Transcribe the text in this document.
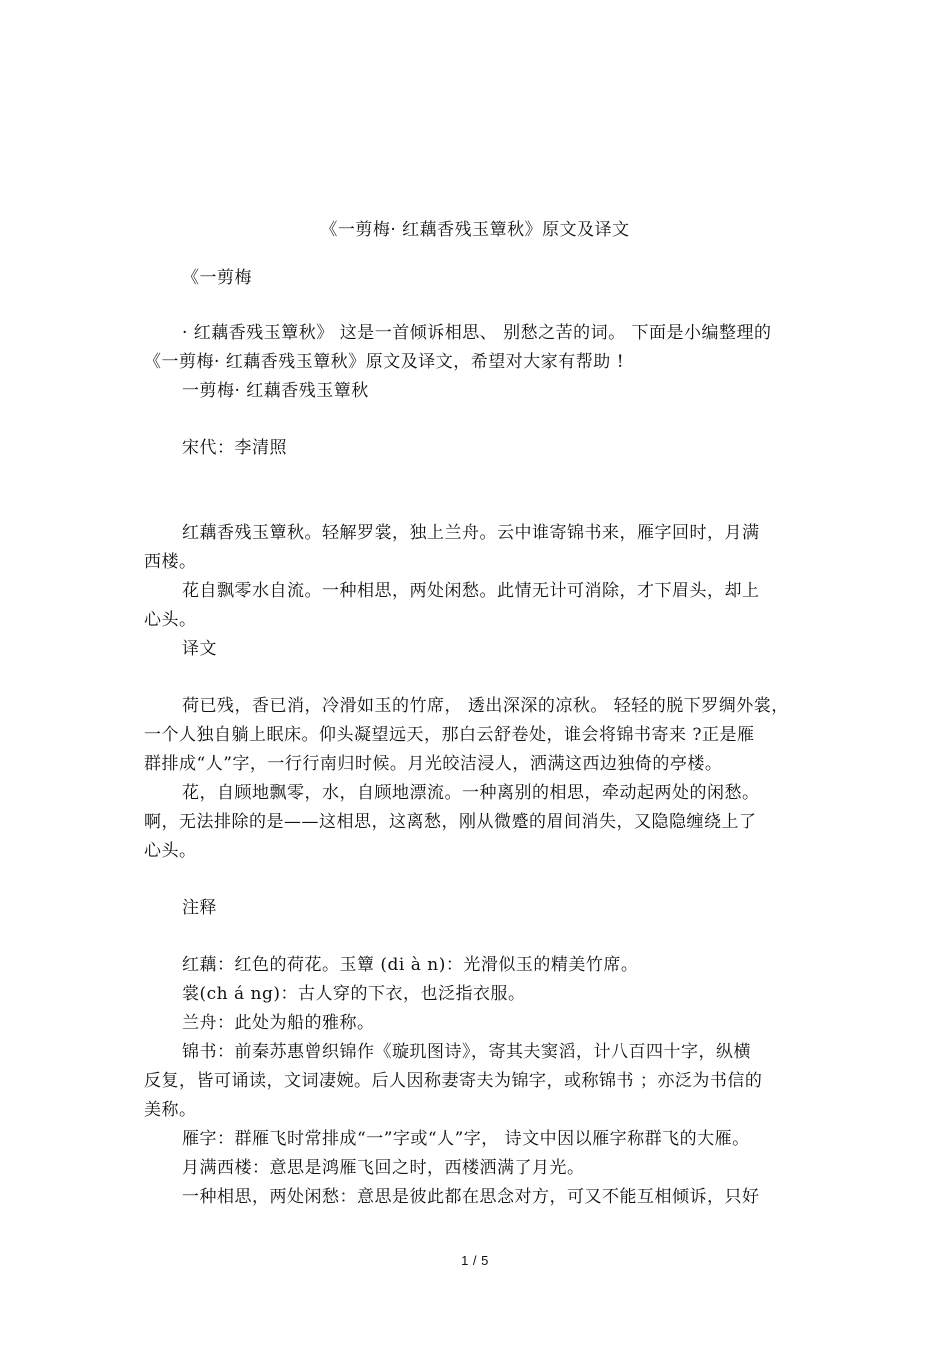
《一剪梅· 红藕香残玉簟秋》原文及译文
《一剪梅
· 红藕香残玉簟秋》 这是一首倾诉相思、 别愁之苦的词。 下面是小编整理的
《一剪梅· 红藕香残玉簟秋》原文及译文，希望对大家有帮助 !
一剪梅· 红藕香残玉簟秋
宋代：李清照
红藕香残玉簟秋。轻解罗裳，独上兰舟。云中谁寄锦书来，雁字回时，月满
西楼。
花自飘零水自流。一种相思，两处闲愁。此情无计可消除，才下眉头，却上
心头。
译文
荷已残，香已消，冷滑如玉的竹席， 透出深深的凉秋。 轻轻的脱下罗绸外裳，
一个人独自躺上眠床。仰头凝望远天，那白云舒卷处，谁会将锦书寄来 ?正是雁
群排成“人”字，一行行南归时候。月光皎洁浸人，洒满这西边独倚的亭楼。
花，自顾地飘零，水，自顾地漂流。一种离别的相思，牵动起两处的闲愁。
啊，无法排除的是——这相思，这离愁，刚从微蹙的眉间消失，又隐隐缠绕上了
心头。
注释
红藕：红色的荷花。玉簟 (di à n)：光滑似玉的精美竹席。
裳(ch á ng)：古人穿的下衣，也泛指衣服。
兰舟：此处为船的雅称。
锦书：前秦苏惠曾织锦作《璇玑图诗》，寄其夫窦滔，计八百四十字，纵横
反复，皆可诵读，文词凄婉。后人因称妻寄夫为锦字，或称锦书 ；亦泛为书信的
美称。
雁字：群雁飞时常排成“一”字或“人”字， 诗文中因以雁字称群飞的大雁。
月满西楼：意思是鸿雁飞回之时，西楼洒满了月光。
一种相思，两处闲愁：意思是彼此都在思念对方，可又不能互相倾诉，只好
1 / 5
